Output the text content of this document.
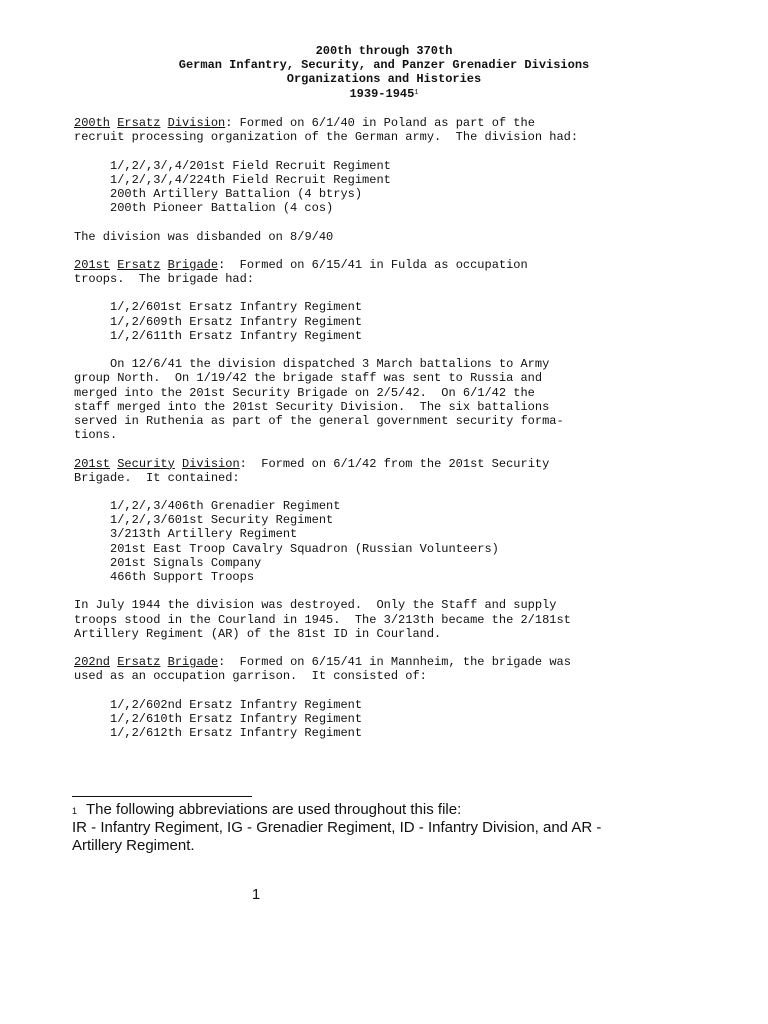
200th through 370th
German Infantry, Security, and Panzer Grenadier Divisions
Organizations and Histories
1939-1945$^1$
200th Ersatz Division: Formed on 6/1/40 in Poland as part of the
recruit processing organization of the German army.  The division had:
1/,2/,3/,4/201st Field Recruit Regiment
1/,2/,3/,4/224th Field Recruit Regiment
200th Artillery Battalion (4 btrys)
200th Pioneer Battalion (4 cos)
The division was disbanded on 8/9/40
201st Ersatz Brigade:  Formed on 6/15/41 in Fulda as occupation
troops.  The brigade had:
1/,2/601st Ersatz Infantry Regiment
1/,2/609th Ersatz Infantry Regiment
1/,2/611th Ersatz Infantry Regiment
On 12/6/41 the division dispatched 3 March battalions to Army
group North.  On 1/19/42 the brigade staff was sent to Russia and
merged into the 201st Security Brigade on 2/5/42.  On 6/1/42 the
staff merged into the 201st Security Division.  The six battalions
served in Ruthenia as part of the general government security forma-
tions.
201st Security Division:  Formed on 6/1/42 from the 201st Security
Brigade.  It contained:
1/,2/,3/406th Grenadier Regiment
1/,2/,3/601st Security Regiment
3/213th Artillery Regiment
201st East Troop Cavalry Squadron (Russian Volunteers)
201st Signals Company
466th Support Troops
In July 1944 the division was destroyed.  Only the Staff and supply
troops stood in the Courland in 1945.  The 3/213th became the 2/181st
Artillery Regiment (AR) of the 81st ID in Courland.
202nd Ersatz Brigade:  Formed on 6/15/41 in Mannheim, the brigade was
used as an occupation garrison.  It consisted of:
1/,2/602nd Ersatz Infantry Regiment
1/,2/610th Ersatz Infantry Regiment
1/,2/612th Ersatz Infantry Regiment
$^1$ The following abbreviations are used throughout this file:
IR - Infantry Regiment, IG - Grenadier Regiment, ID - Infantry Division, and AR -
Artillery Regiment.
1
